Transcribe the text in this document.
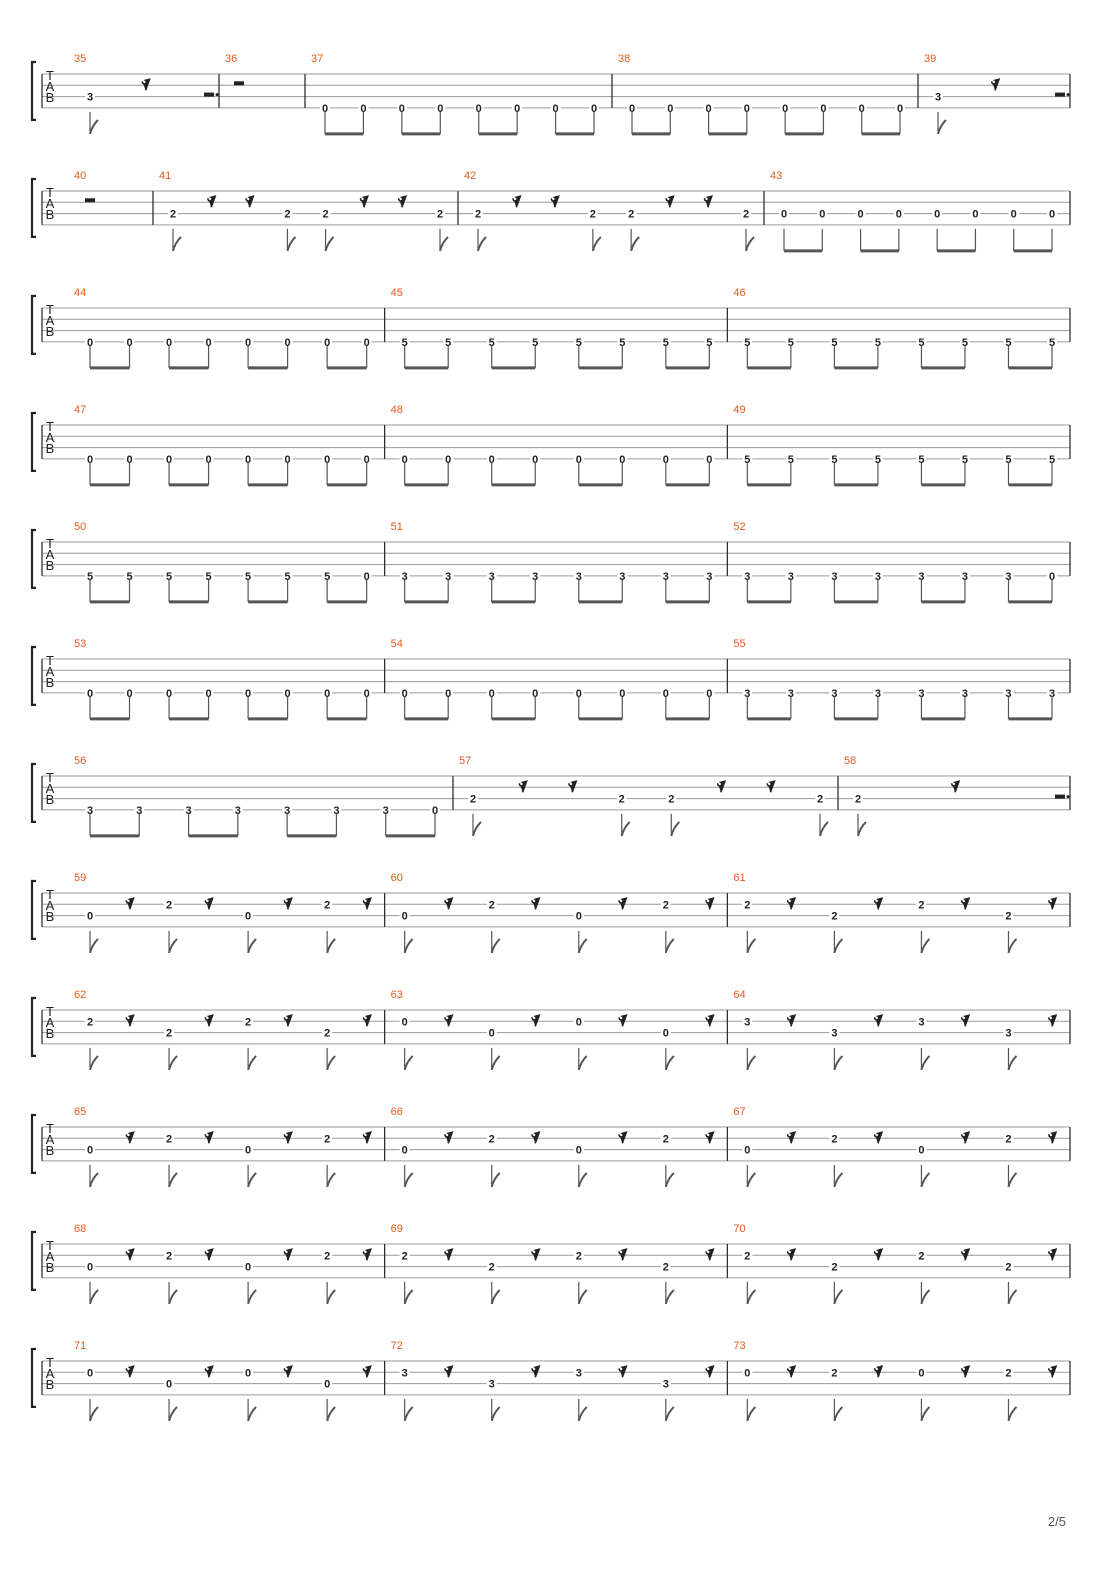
T
A
B
35
3
36	37
0	0	0	0	0	0	0	0
38
0	0	0	0	0	0	0	0
39
3
T
A
B
40	41
2	2	2	2
42
2	2	2	2
43
0	0	0	0	0	0	0	0
T
A
B
44
0	0	0	0	0	0	0	0
45
5	5	5	5	5	5	5	5
46
5	5	5	5	5	5	5	5
T
A
B
47
0	0	0	0	0	0	0	0
48
0	0	0	0	0	0	0	0
49
5	5	5	5	5	5	5	5
T
A
B
50
5	5	5	5	5	5	5	0
51
3	3	3	3	3	3	3	3
52
3	3	3	3	3	3	3	0
T
A
B
53
0	0	0	0	0	0	0	0
54
0	0	0	0	0	0	0	0
55
3	3	3	3	3	3	3	3
T
A
B
56
3	3	3	3	3	3	3	0
57
2	2	2	2
58
2
T
A
B
59
0
2
0
2
60
0
2
0
2
61
2
2
2
2
T
A
B
62
2
2
2
2
63
0
0
0
0
64
3
3
3
3
T
A
B
65
0
2
0
2
66
0
2
0
2
67
0
2
0
2
T
A
B
68
0
2
0
2
69
2
2
2
2
70
2
2
2
2
T
A
B
71
0
0
0
0
72
3
3
3
3
73
0	2	0	2
2/5
